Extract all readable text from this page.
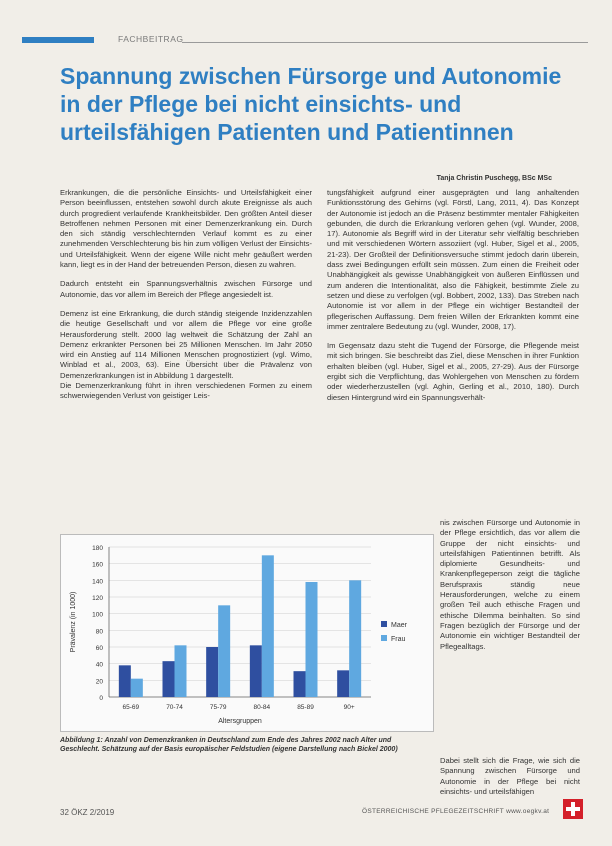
FACHBEITRAG
Spannung zwischen Fürsorge und Autonomie in der Pflege bei nicht einsichts- und urteilsfähigen Patienten und Patientinnen
Tanja Christin Puschegg, BSc MSc

Erkrankungen, die die persönliche Einsichts- und Urteilsfähigkeit einer Person beeinflussen, entstehen sowohl durch akute Ereignisse als auch durch progredient verlaufende Krankheitsbilder. Den größten Anteil dieser Betroffenen nehmen Personen mit einer Demenzerkrankung ein. Durch den sich ständig verschlechternden Verlauf kommt es zu einer zunehmenden Verschlechterung bis hin zum völligen Verlust der Einsichts- und Urteilsfähigkeit. Wenn der eigene Wille nicht mehr geäußert werden kann, liegt es in der Hand der betreuenden Person, diesen zu wahren.

Dadurch entsteht ein Spannungsverhältnis zwischen Fürsorge und Autonomie, das vor allem im Bereich der Pflege angesiedelt ist.

Demenz ist eine Erkrankung, die durch ständig steigende Inzidenzzahlen die heutige Gesellschaft und vor allem die Pflege vor eine große Herausforderung stellt. 2000 lag weltweit die Schätzung der Zahl an Demenz erkrankter Personen bei 25 Millionen Menschen. Im Jahr 2050 wird ein Anstieg auf 114 Millionen Menschen prognostiziert (vgl. Wimo, Winblad et al., 2003, 63). Eine Übersicht über die Prävalenz von Demenzerkrankungen ist in Abbildung 1 dargestellt.

Die Demenzerkrankung führt in ihren verschiedenen Formen zu einem schwerwiegenden Verlust von geistiger Leis-

tungsfähigkeit aufgrund einer ausgeprägten und lang anhaltenden Funktionsstörung des Gehirns (vgl. Förstl, Lang, 2011, 4). Das Konzept der Autonomie ist jedoch an die Präsenz bestimmter mentaler Fähigkeiten gebunden, die durch die Erkrankung verloren gehen (vgl. Wunder, 2008, 17). Autonomie als Begriff wird in der Literatur sehr vielfältig beschrieben und mit verschiedenen Wörtern assoziiert (vgl. Huber, Sigel et al., 2005, 21-23). Der Großteil der Definitionsversuche stimmt jedoch darin überein, dass zwei Bedingungen erfüllt sein müssen. Zum einen die Freiheit oder Unabhängigkeit als gewisse Unabhängigkeit von äußeren Einflüssen und zum anderen die Intentionalität, also die Fähigkeit, bestimmte Ziele zu setzen und diese zu verfolgen (vgl. Bobbert, 2002, 133). Das Streben nach Autonomie ist vor allem in der Pflege ein wichtiger Bestandteil der pflegerischen Auffassung. Dem freien Willen der Erkrankten kommt eine immer zentralere Bedeutung zu (vgl. Wunder, 2008, 17).

Im Gegensatz dazu steht die Tugend der Fürsorge, die Pflegende meist mit sich bringen. Sie beschreibt das Ziel, diese Menschen in ihrer Funktion erhalten bleiben (vgl. Huber, Sigel et al., 2005, 27-29). Aus der Fürsorge ergibt sich die Verpflichtung, das Wohlergehen von Menschen zu fördern oder wiederherzustellen (vgl. Aghin, Gerling et al., 2010, 180). Durch diesen Hintergrund wird ein Spannungsverhält-

nis zwischen Fürsorge und Autonomie in der Pflege ersichtlich, das vor allem die Gruppe der nicht einsichts- und urteilsfähigen Patientinnen betrifft. Als diplomierte Gesundheits- und Krankenpflegeperson zeigt die tägliche Berufspraxis ständig neue Herausforderungen, welche zu einem großen Teil auch ethische Fragen und ethische Dilemma beinhalten. So sind Fragen bezüglich der Fürsorge und der Autonomie ein wichtiger Bestandteil der Pflegealltags.

Dabei stellt sich die Frage, wie sich die Spannung zwischen Fürsorge und Autonomie in der Pflege bei nicht einsichts- und urteilsfähigen

0
20
40
60
80
100
120
140
160
180
65-69	70-74	75-79	80-84	85-89	90+
Altersgruppen
Prävalenz (in 1000)	Maer
Frau
Abbildung 1: Anzahl von Demenzkranken in Deutschland zum Ende des Jahres 2002 nach Alter und Geschlecht. Schätzung auf der Basis europäischer Feldstudien (eigene Darstellung nach Bickel 2000)
32 ÖKZ 2/2019	ÖSTERREICHISCHE PFLEGEZEITSCHRIFT www.oegkv.at
